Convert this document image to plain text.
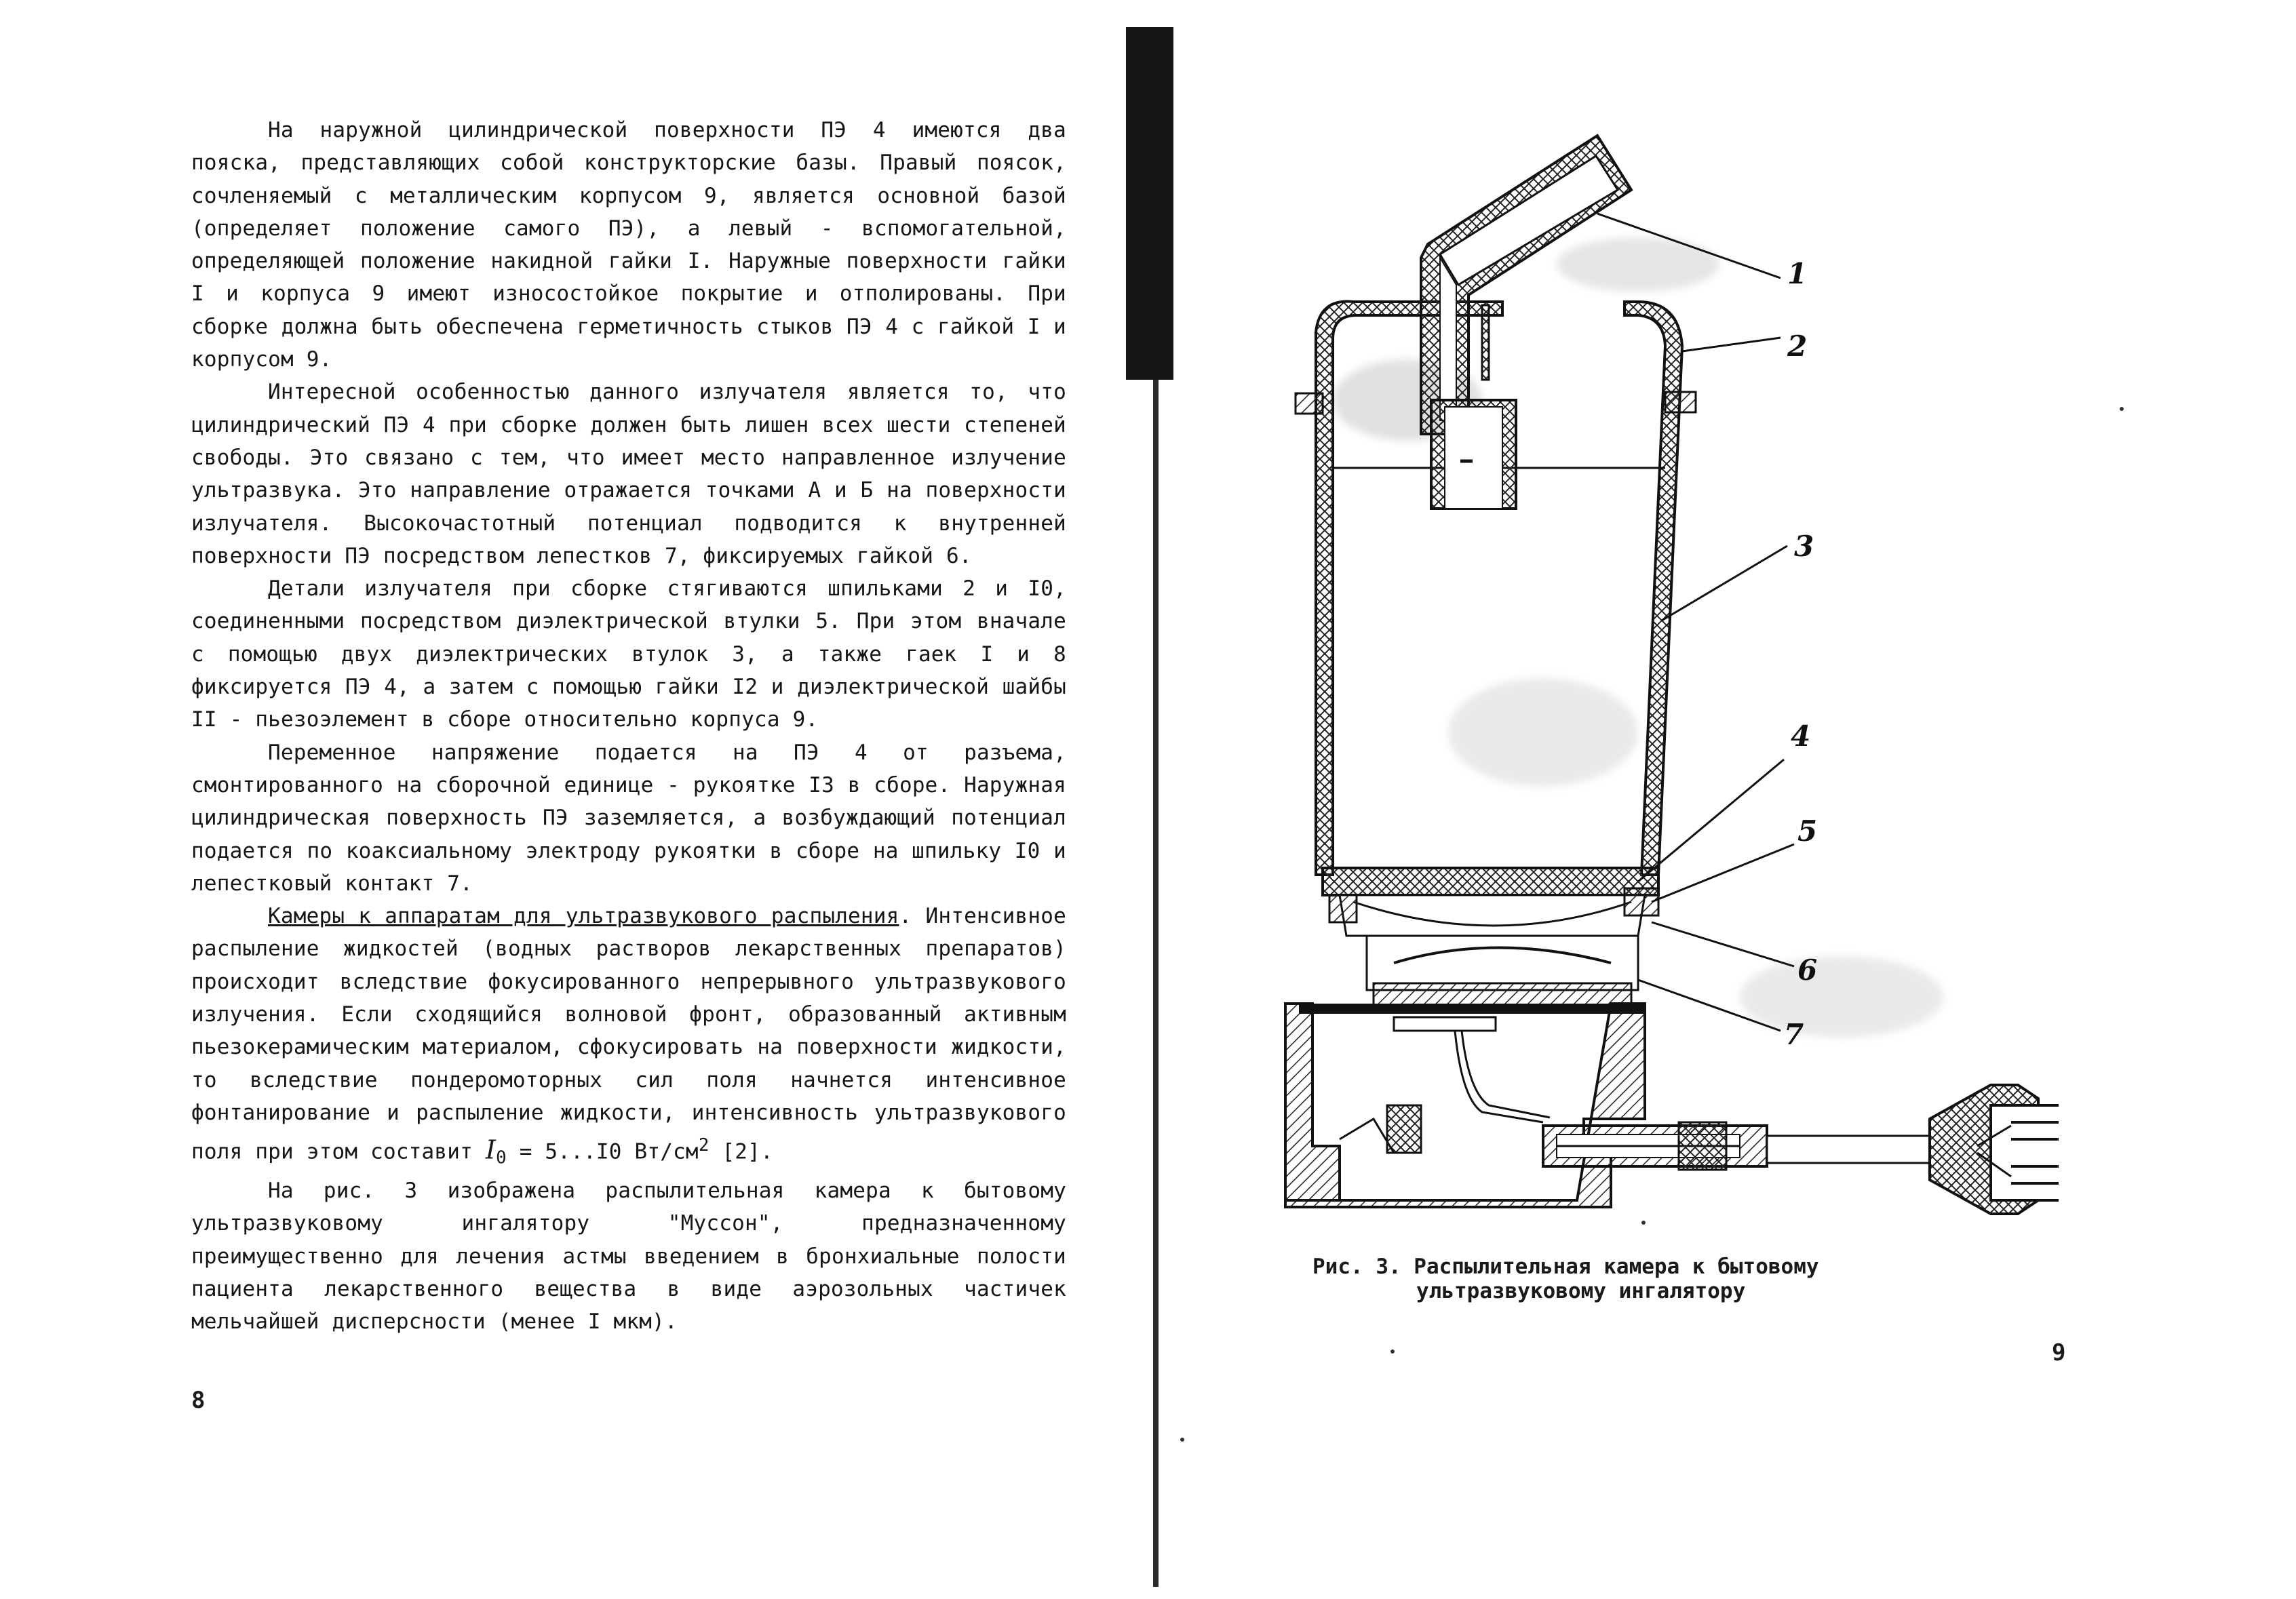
На наружной цилиндрической поверхности ПЭ 4 имеются два пояска, представляющих собой конструкторские базы. Правый поясок, сочленяемый с металлическим корпусом 9, является основной базой (определяет положение самого ПЭ), а левый - вспомогательной, определяющей положение накидной гайки I. Наружные поверхности гайки I и корпуса 9 имеют износостойкое покрытие и отполированы. При сборке должна быть обеспечена герметичность стыков ПЭ 4 с гайкой I и корпусом 9.

Интересной особенностью данного излучателя является то, что цилиндрический ПЭ 4 при сборке должен быть лишен всех шести степеней свободы. Это связано с тем, что имеет место направленное излучение ультразвука. Это направление отражается точками А и Б на поверхности излучателя. Высокочастотный потенциал подводится к внутренней поверхности ПЭ посредством лепестков 7, фиксируемых гайкой 6.

Детали излучателя при сборке стягиваются шпильками 2 и I0, соединенными посредством диэлектрической втулки 5. При этом вначале с помощью двух диэлектрических втулок 3, а также гаек I и 8 фиксируется ПЭ 4, а затем с помощью гайки I2 и диэлектрической шайбы II - пьезоэлемент в сборе относительно корпуса 9.

Переменное напряжение подается на ПЭ 4 от разъема, смонтированного на сборочной единице - рукоятке I3 в сборе. Наружная цилиндрическая поверхность ПЭ заземляется, а возбуждающий потенциал подается по коаксиальному электроду рукоятки в сборе на шпильку I0 и лепестковый контакт 7.

Камеры к аппаратам для ультразвукового распыления. Интенсивное распыление жидкостей (водных растворов лекарственных препаратов) происходит вследствие фокусированного непрерывного ультразвукового излучения. Если сходящийся волновой фронт, образованный активным пьезокерамическим материалом, сфокусировать на поверхности жидкости, то вследствие пондеромоторных сил поля начнется интенсивное фонтанирование и распыление жидкости, интенсивность ультразвукового поля при этом составит $I_0 = 5...I0$ $Вт/см^2$ [2].

На рис. 3 изображена распылительная камера к бытовому ультразвуковому ингалятору "Муссон", предназначенному преимущественно для лечения астмы введением в бронхиальные полости пациента лекарственного вещества в виде аэрозольных частичек мельчайшей дисперсности (менее I мкм).

8
1
2
3
4
5
6
7
Рис. 3. Распылительная камера к бытовому
ультразвуковому ингалятору
9
